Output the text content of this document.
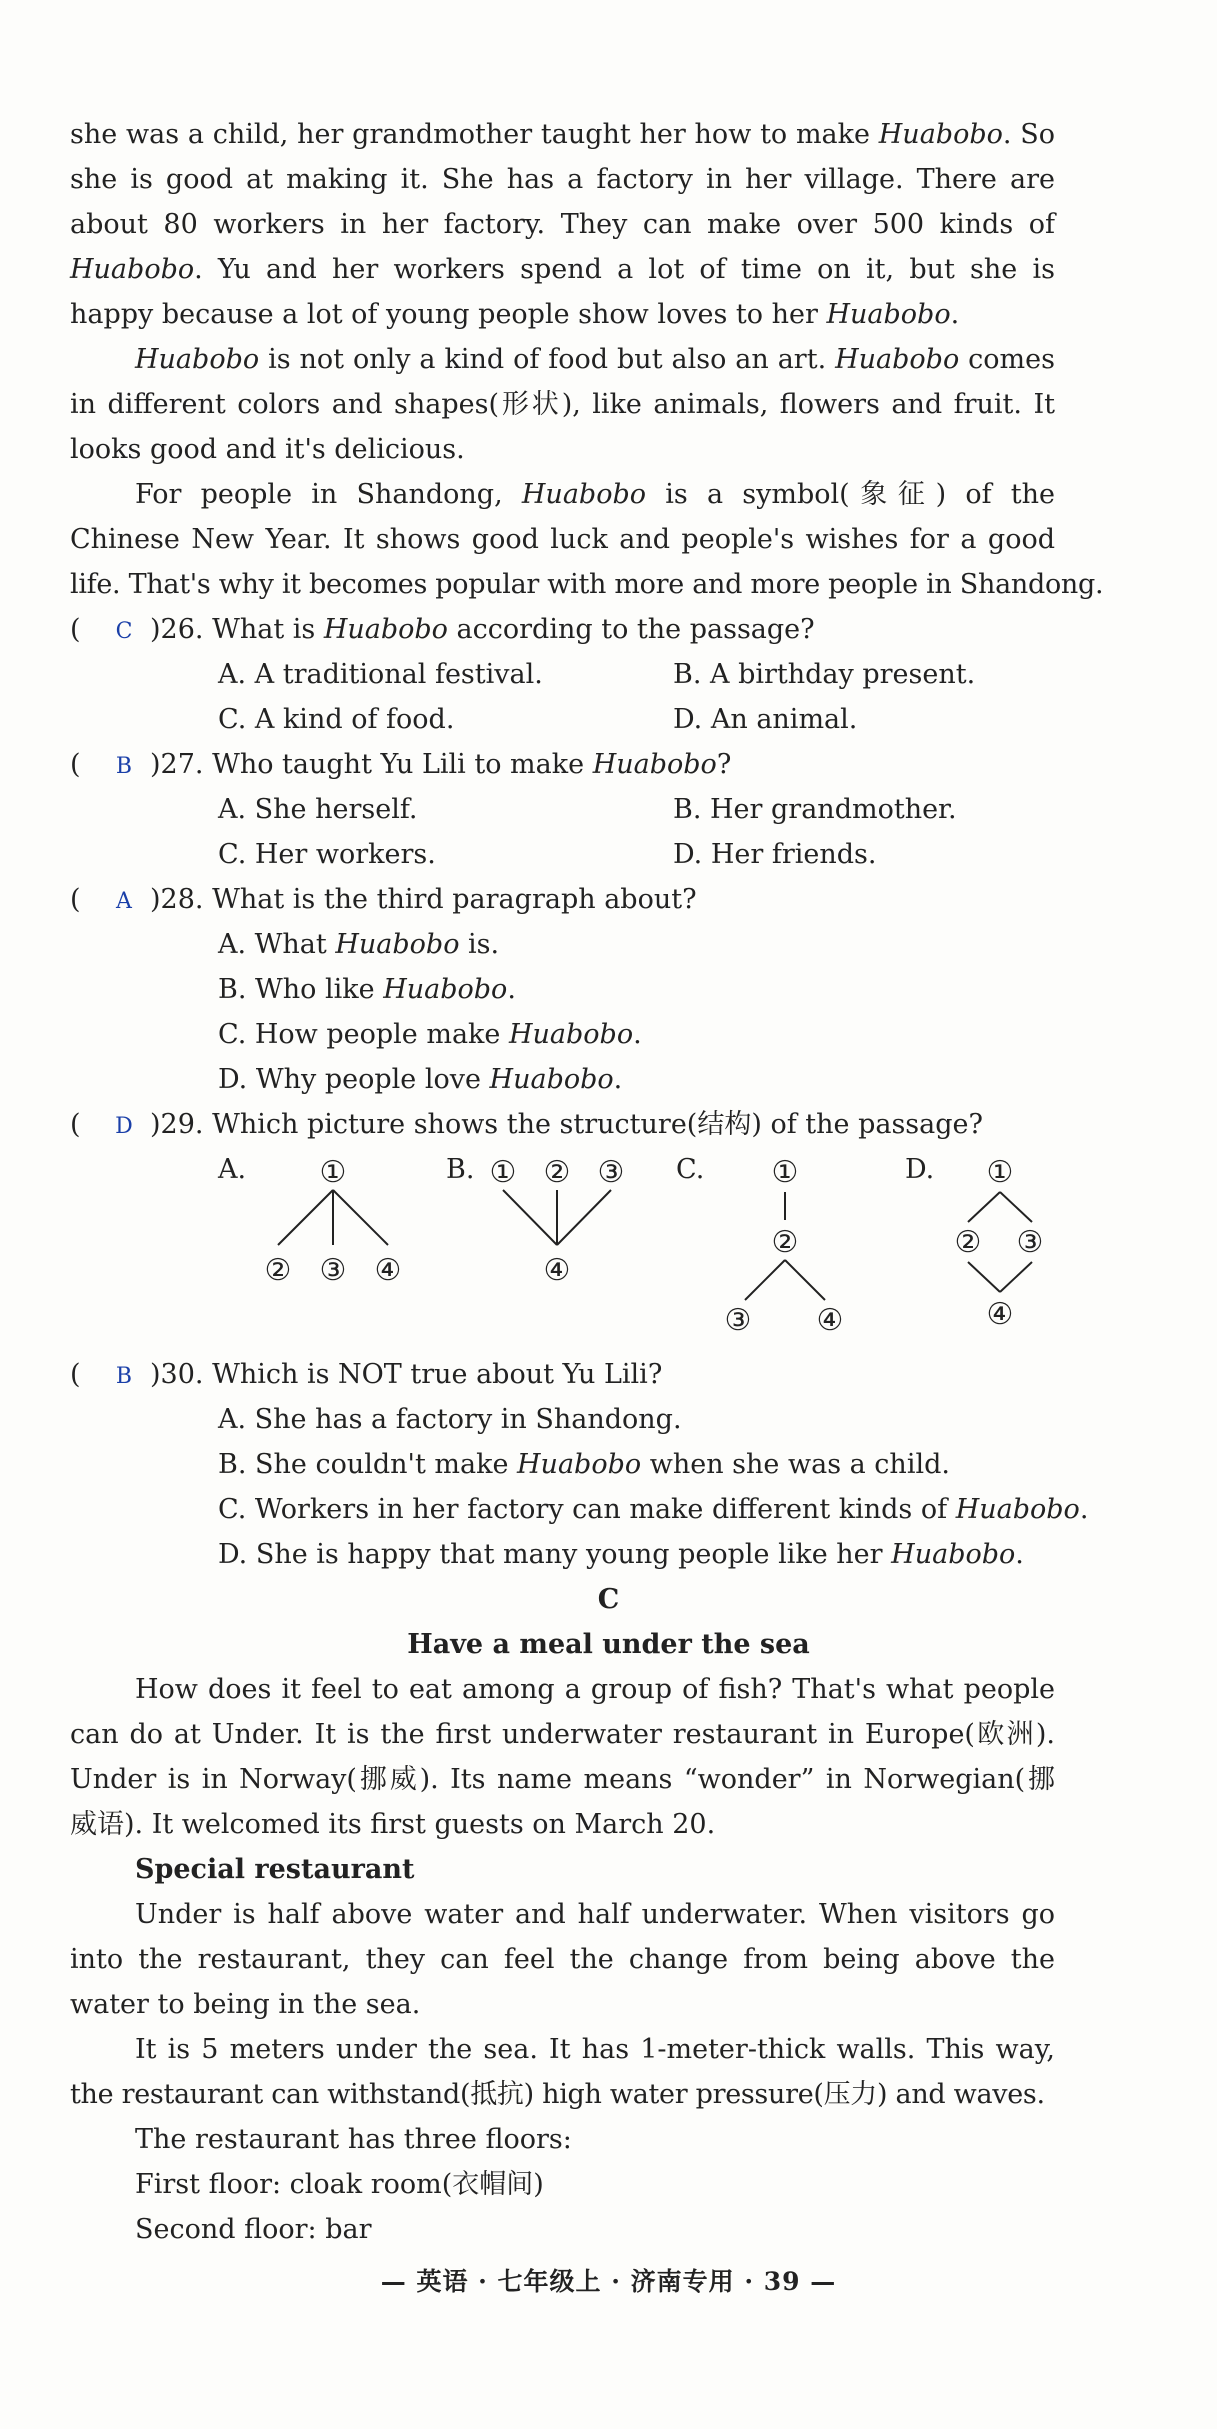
she was a child, her grandmother taught her how to make Huabobo. So
she is good at making it. She has a factory in her village. There are
about 80 workers in her factory. They can make over 500 kinds of
Huabobo. Yu and her workers spend a lot of time on it, but she is
happy because a lot of young people show loves to her Huabobo.
Huabobo is not only a kind of food but also an art. Huabobo comes
in different colors and shapes(形状), like animals, flowers and fruit. It
looks good and it's delicious.
For people in Shandong, Huabobo is a symbol(象征) of the
Chinese New Year. It shows good luck and people's wishes for a good
life. That's why it becomes popular with more and more people in Shandong.
( C )26. What is Huabobo according to the passage?
A. A traditional festival.	B. A birthday present.
C. A kind of food.	D. An animal.
( B )27. Who taught Yu Lili to make Huabobo?
A. She herself.	B. Her grandmother.
C. Her workers.	D. Her friends.
( A )28. What is the third paragraph about?
A. What Huabobo is.
B. Who like Huabobo.
C. How people make Huabobo.
D. Why people love Huabobo.
( D )29. Which picture shows the structure(结构) of the passage?
A.	B.	C.	D.
①
② ③ ④
① ② ③
④
①
②
③ ④
①
② ③
④
( B )30. Which is NOT true about Yu Lili?
A. She has a factory in Shandong.
B. She couldn't make Huabobo when she was a child.
C. Workers in her factory can make different kinds of Huabobo.
D. She is happy that many young people like her Huabobo.
C
Have a meal under the sea
How does it feel to eat among a group of fish? That's what people
can do at Under. It is the first underwater restaurant in Europe(欧洲).
Under is in Norway(挪威). Its name means “wonder” in Norwegian(挪
威语). It welcomed its first guests on March 20.
Special restaurant
Under is half above water and half underwater. When visitors go
into the restaurant, they can feel the change from being above the
water to being in the sea.
It is 5 meters under the sea. It has 1-meter-thick walls. This way,
the restaurant can withstand(抵抗) high water pressure(压力) and waves.
The restaurant has three floors:
First floor: cloak room(衣帽间)
Second floor: bar
— 英语 · 七年级上 · 济南专用 · 39 —
